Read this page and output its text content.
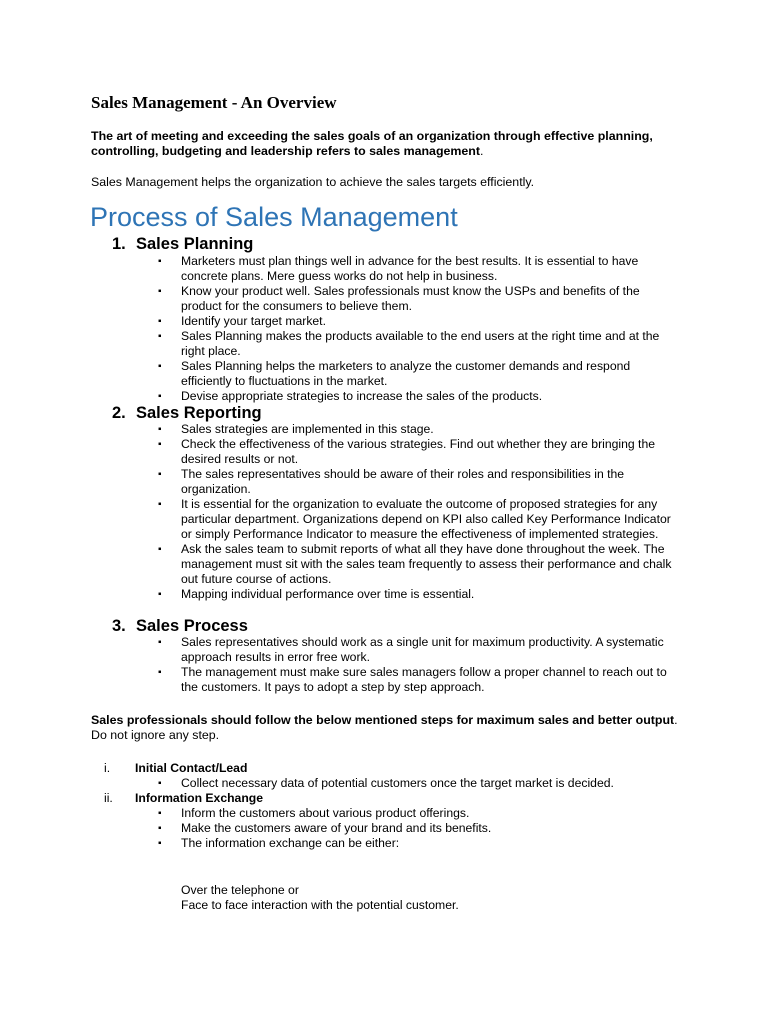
Sales Management - An Overview

The art of meeting and exceeding the sales goals of an organization through effective planning, controlling, budgeting and leadership refers to sales management.

Sales Management helps the organization to achieve the sales targets efficiently.

Process of Sales Management
1. Sales Planning
▪ Marketers must plan things well in advance for the best results. It is essential to have concrete plans. Mere guess works do not help in business.
▪ Know your product well. Sales professionals must know the USPs and benefits of the product for the consumers to believe them.
▪ Identify your target market.
▪ Sales Planning makes the products available to the end users at the right time and at the right place.
▪ Sales Planning helps the marketers to analyze the customer demands and respond efficiently to fluctuations in the market.
▪ Devise appropriate strategies to increase the sales of the products.
2. Sales Reporting
▪ Sales strategies are implemented in this stage.
▪ Check the effectiveness of the various strategies. Find out whether they are bringing the desired results or not.
▪ The sales representatives should be aware of their roles and responsibilities in the organization.
▪ It is essential for the organization to evaluate the outcome of proposed strategies for any particular department. Organizations depend on KPI also called Key Performance Indicator or simply Performance Indicator to measure the effectiveness of implemented strategies.
▪ Ask the sales team to submit reports of what all they have done throughout the week. The management must sit with the sales team frequently to assess their performance and chalk out future course of actions.
▪ Mapping individual performance over time is essential.
3. Sales Process
▪ Sales representatives should work as a single unit for maximum productivity. A systematic approach results in error free work.
▪ The management must make sure sales managers follow a proper channel to reach out to the customers. It pays to adopt a step by step approach.

Sales professionals should follow the below mentioned steps for maximum sales and better output. Do not ignore any step.

i. Initial Contact/Lead
▪ Collect necessary data of potential customers once the target market is decided.
ii. Information Exchange
▪ Inform the customers about various product offerings.
▪ Make the customers aware of your brand and its benefits.
▪ The information exchange can be either:
Over the telephone or
Face to face interaction with the potential customer.
